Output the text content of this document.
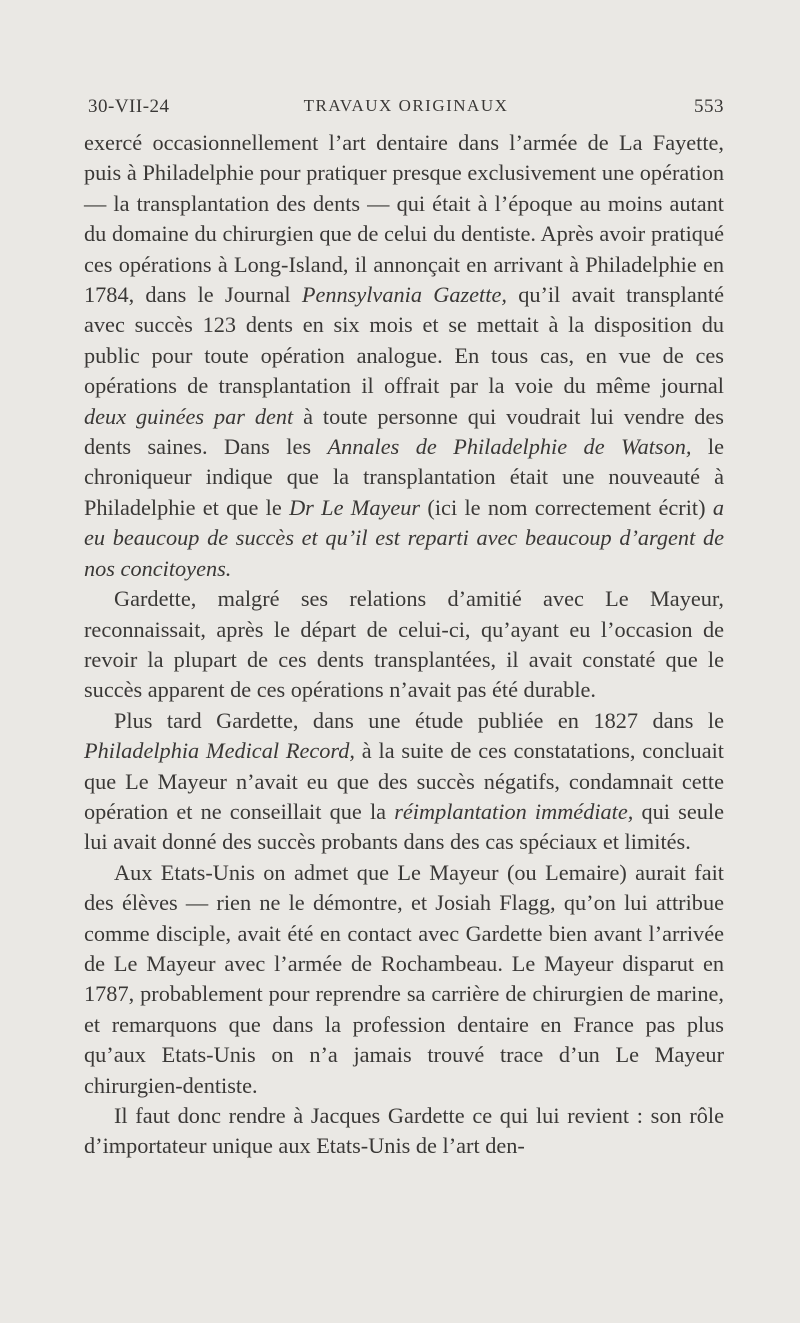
30-VII-24	TRAVAUX ORIGINAUX	553

exercé occasionnellement l’art dentaire dans l’armée de La Fayette, puis à Philadelphie pour pratiquer presque exclusivement une opération — la transplantation des dents — qui était à l’époque au moins autant du domaine du chirurgien que de celui du dentiste. Après avoir pratiqué ces opérations à Long-Island, il annonçait en arrivant à Philadelphie en 1784, dans le Journal Pennsylvania Gazette, qu’il avait transplanté avec succès 123 dents en six mois et se mettait à la disposition du public pour toute opération analogue. En tous cas, en vue de ces opérations de transplantation il offrait par la voie du même journal deux guinées par dent à toute personne qui voudrait lui vendre des dents saines. Dans les Annales de Philadelphie de Watson, le chroniqueur indique que la transplantation était une nouveauté à Philadelphie et que le Dr Le Mayeur (ici le nom correctement écrit) a eu beaucoup de succès et qu’il est reparti avec beaucoup d’argent de nos concitoyens.

Gardette, malgré ses relations d’amitié avec Le Mayeur, reconnaissait, après le départ de celui-ci, qu’ayant eu l’occasion de revoir la plupart de ces dents transplantées, il avait constaté que le succès apparent de ces opérations n’avait pas été durable.

Plus tard Gardette, dans une étude publiée en 1827 dans le Philadelphia Medical Record, à la suite de ces constatations, concluait que Le Mayeur n’avait eu que des succès négatifs, condamnait cette opération et ne conseillait que la réimplantation immédiate, qui seule lui avait donné des succès probants dans des cas spéciaux et limités.

Aux Etats-Unis on admet que Le Mayeur (ou Lemaire) aurait fait des élèves — rien ne le démontre, et Josiah Flagg, qu’on lui attribue comme disciple, avait été en contact avec Gardette bien avant l’arrivée de Le Mayeur avec l’armée de Rochambeau. Le Mayeur disparut en 1787, probablement pour reprendre sa carrière de chirurgien de marine, et remarquons que dans la profession dentaire en France pas plus qu’aux Etats-Unis on n’a jamais trouvé trace d’un Le Mayeur chirurgien-dentiste.

Il faut donc rendre à Jacques Gardette ce qui lui revient : son rôle d’importateur unique aux Etats-Unis de l’art den-
